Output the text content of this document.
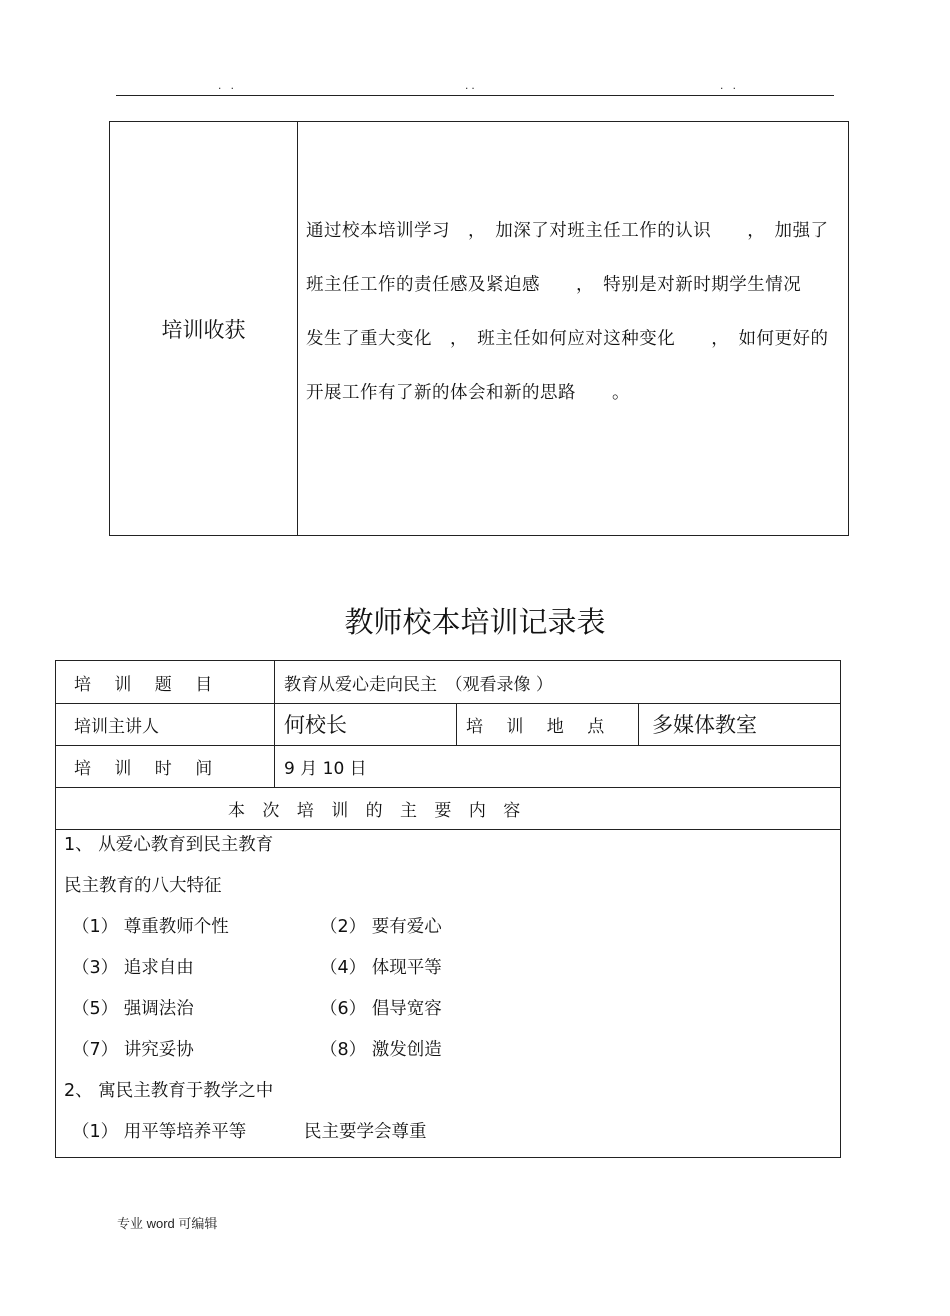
. .	..	. .
培训收获
通过校本培训学习　，　加深了对班主任工作的认识　　，　加强了
班主任工作的责任感及紧迫感　　，　特别是对新时期学生情况
发生了重大变化　，　班主任如何应对这种变化　　，　如何更好的
开展工作有了新的体会和新的思路　　。
教师校本培训记录表
培 训 题 目	教育从爱心走向民主　（观看录像 ）
培训主讲人	何校长	培 训 地 点 多媒体教室
培 训 时 间	9 月 10 日
本 次 培 训 的 主 要 内 容
1、 从爱心教育到民主教育
民主教育的八大特征
（1） 尊重教师个性	（2） 要有爱心
（3） 追求自由	（4） 体现平等
（5） 强调法治	（6） 倡导宽容
（7） 讲究妥协	（8） 激发创造
2、 寓民主教育于教学之中
（1） 用平等培养平等	民主要学会尊重
专业 word 可编辑
